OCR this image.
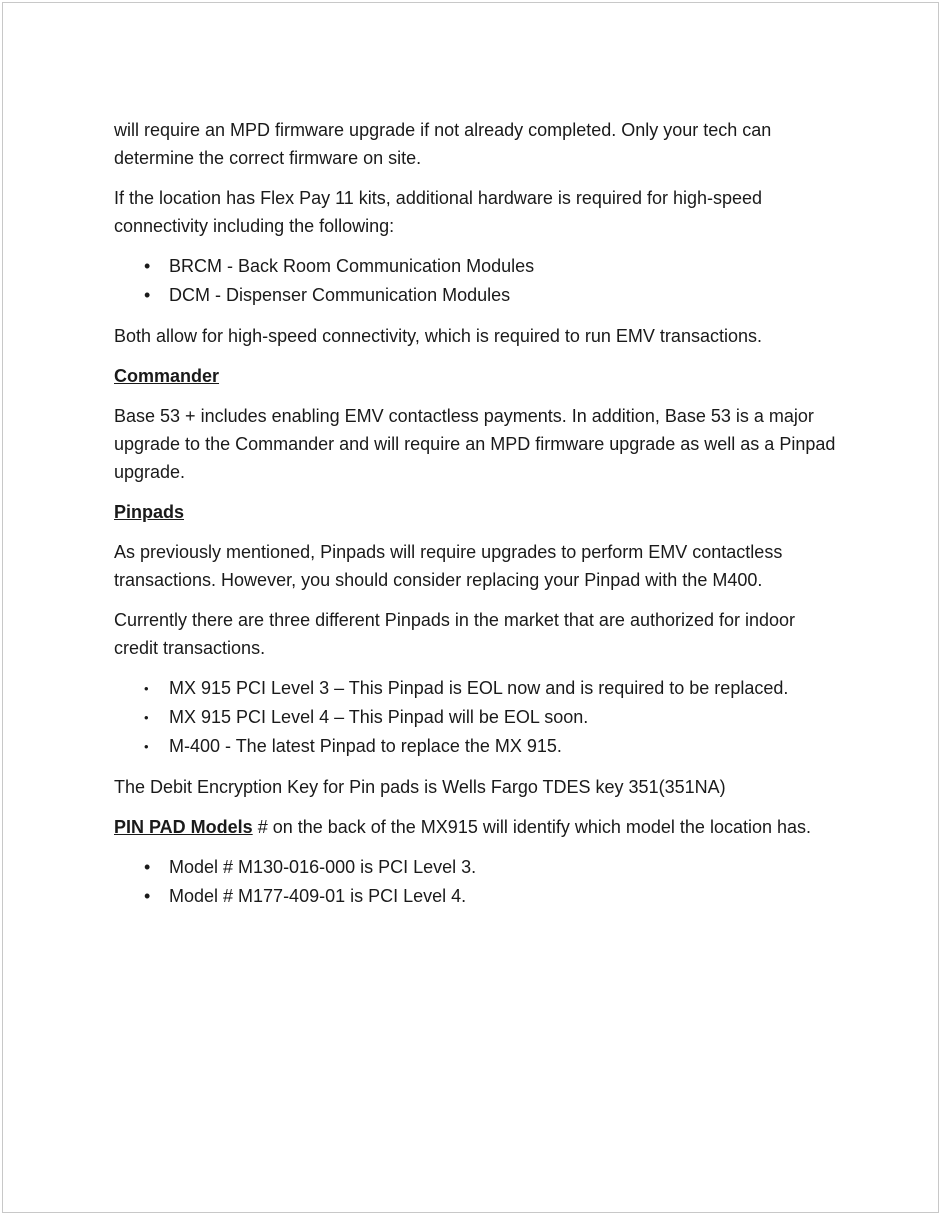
will require an MPD firmware upgrade if not already completed. Only your tech can determine the correct firmware on site.

If the location has Flex Pay 11 kits, additional hardware is required for high-speed connectivity including the following:

• BRCM - Back Room Communication Modules
• DCM - Dispenser Communication Modules

Both allow for high-speed connectivity, which is required to run EMV transactions.

Commander

Base 53 + includes enabling EMV contactless payments. In addition, Base 53 is a major upgrade to the Commander and will require an MPD firmware upgrade as well as a Pinpad upgrade.

Pinpads

As previously mentioned, Pinpads will require upgrades to perform EMV contactless transactions. However, you should consider replacing your Pinpad with the M400.

Currently there are three different Pinpads in the market that are authorized for indoor credit transactions.

• MX 915 PCI Level 3 – This Pinpad is EOL now and is required to be replaced.
• MX 915 PCI Level 4 – This Pinpad will be EOL soon.
• M-400 - The latest Pinpad to replace the MX 915.

The Debit Encryption Key for Pin pads is Wells Fargo TDES key 351(351NA)

PIN PAD Models # on the back of the MX915 will identify which model the location has.

• Model # M130-016-000 is PCI Level 3.
• Model # M177-409-01 is PCI Level 4.
